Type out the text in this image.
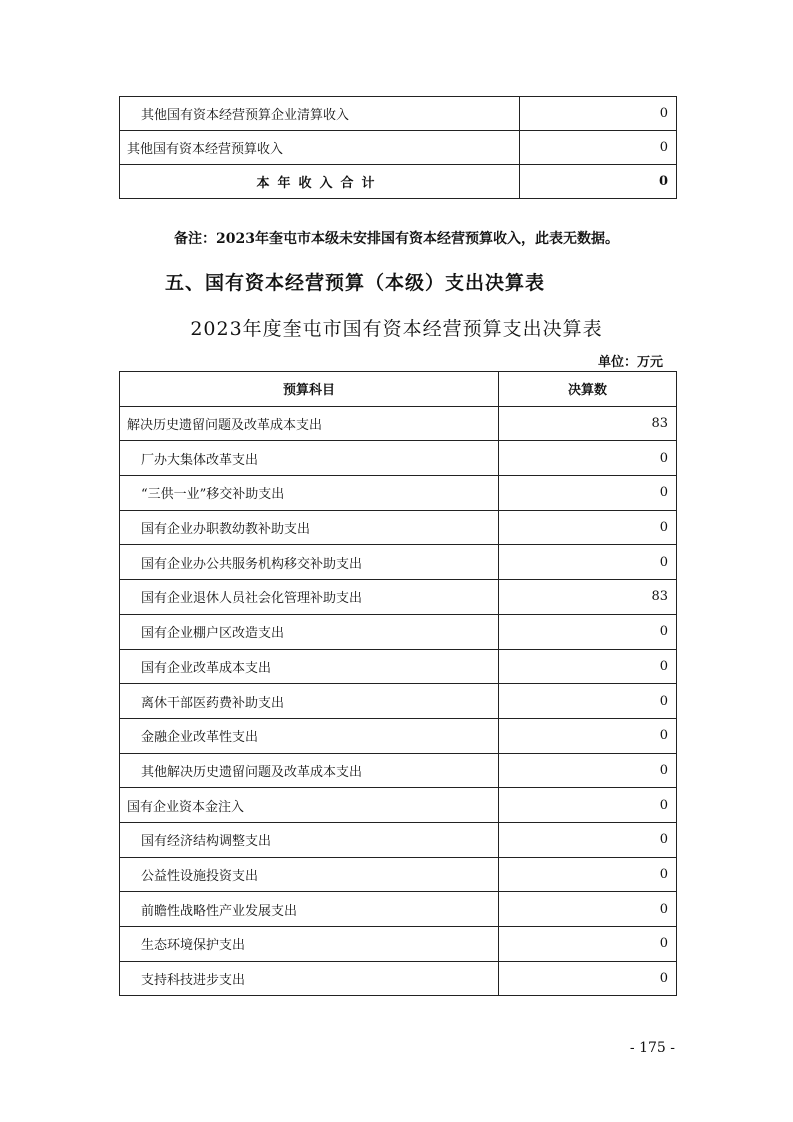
其他国有资本经营预算企业清算收入	0
其他国有资本经营预算收入	0
本年收入合计	0
备注：2023年奎屯市本级未安排国有资本经营预算收入，此表无数据。
五、国有资本经营预算（本级）支出决算表
2023年度奎屯市国有资本经营预算支出决算表
单位：万元
预算科目	决算数
解决历史遗留问题及改革成本支出	83
厂办大集体改革支出	0
“三供一业”移交补助支出	0
国有企业办职教幼教补助支出	0
国有企业办公共服务机构移交补助支出	0
国有企业退休人员社会化管理补助支出	83
国有企业棚户区改造支出	0
国有企业改革成本支出	0
离休干部医药费补助支出	0
金融企业改革性支出	0
其他解决历史遗留问题及改革成本支出	0
国有企业资本金注入	0
国有经济结构调整支出	0
公益性设施投资支出	0
前瞻性战略性产业发展支出	0
生态环境保护支出	0
支持科技进步支出	0
- 175 -
